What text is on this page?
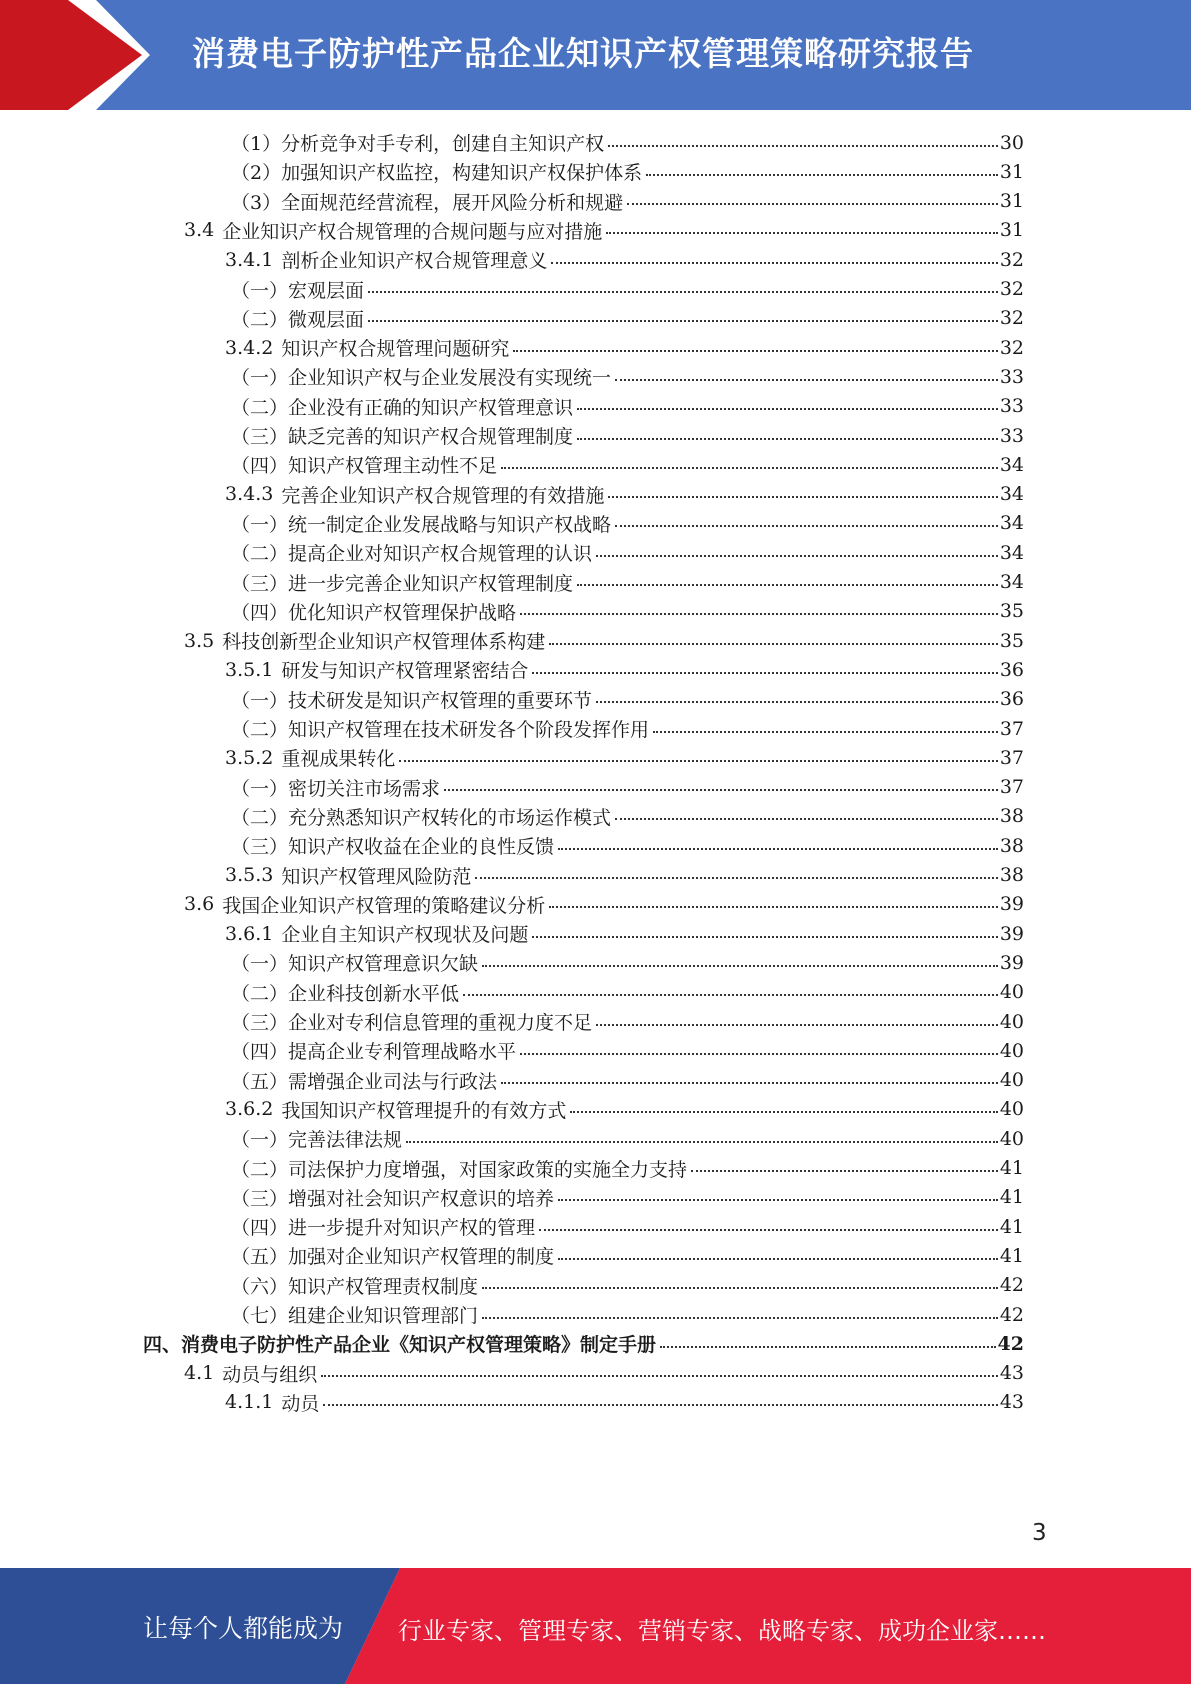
消费电子防护性产品企业知识产权管理策略研究报告
（1）分析竞争对手专利，创建自主知识产权	30
（2）加强知识产权监控，构建知识产权保护体系	31
（3）全面规范经营流程，展开风险分析和规避	31
3.4 企业知识产权合规管理的合规问题与应对措施	31
3.4.1 剖析企业知识产权合规管理意义	32
（一）宏观层面	32
（二）微观层面	32
3.4.2 知识产权合规管理问题研究	32
（一）企业知识产权与企业发展没有实现统一	33
（二）企业没有正确的知识产权管理意识	33
（三）缺乏完善的知识产权合规管理制度	33
（四）知识产权管理主动性不足	34
3.4.3 完善企业知识产权合规管理的有效措施	34
（一）统一制定企业发展战略与知识产权战略	34
（二）提高企业对知识产权合规管理的认识	34
（三）进一步完善企业知识产权管理制度	34
（四）优化知识产权管理保护战略	35
3.5 科技创新型企业知识产权管理体系构建	35
3.5.1 研发与知识产权管理紧密结合	36
（一）技术研发是知识产权管理的重要环节	36
（二）知识产权管理在技术研发各个阶段发挥作用	37
3.5.2 重视成果转化	37
（一）密切关注市场需求	37
（二）充分熟悉知识产权转化的市场运作模式	38
（三）知识产权收益在企业的良性反馈	38
3.5.3 知识产权管理风险防范	38
3.6 我国企业知识产权管理的策略建议分析	39
3.6.1 企业自主知识产权现状及问题	39
（一）知识产权管理意识欠缺	39
（二）企业科技创新水平低	40
（三）企业对专利信息管理的重视力度不足	40
（四）提高企业专利管理战略水平	40
（五）需增强企业司法与行政法	40
3.6.2 我国知识产权管理提升的有效方式	40
（一）完善法律法规	40
（二）司法保护力度增强，对国家政策的实施全力支持	41
（三）增强对社会知识产权意识的培养	41
（四）进一步提升对知识产权的管理	41
（五）加强对企业知识产权管理的制度	41
（六）知识产权管理责权制度	42
（七）组建企业知识管理部门	42
四、消费电子防护性产品企业《知识产权管理策略》制定手册	42
4.1 动员与组织	43
4.1.1 动员	43
3
让每个人都能成为 行业专家、管理专家、营销专家、战略专家、成功企业家……
